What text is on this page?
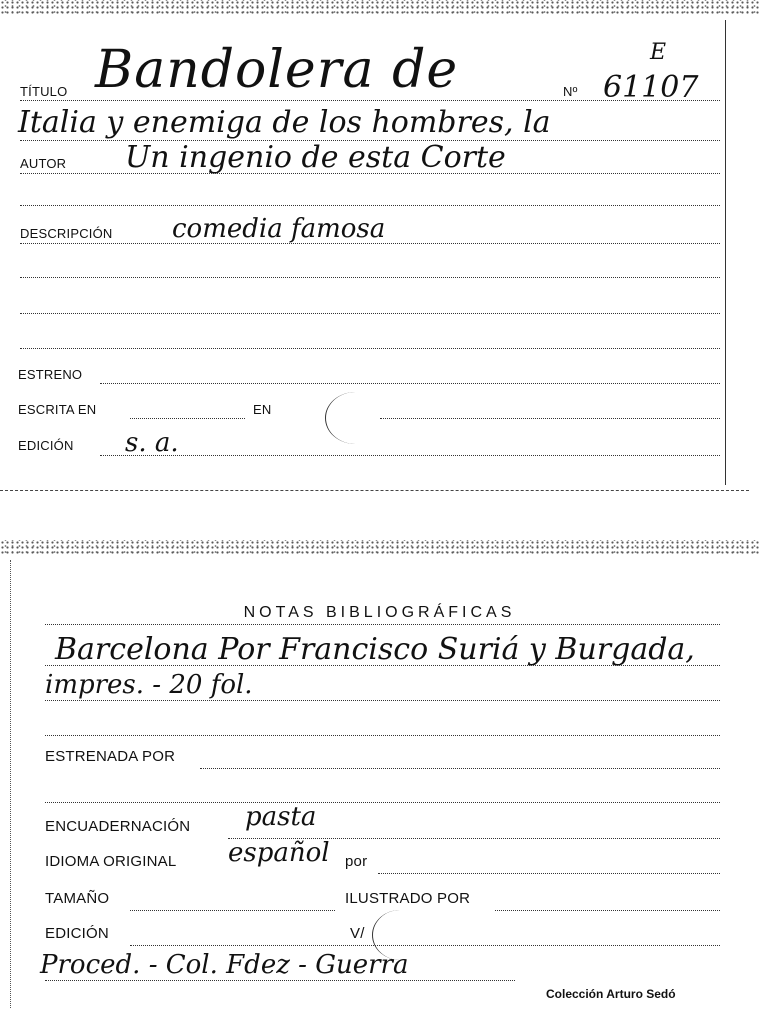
E
TÍTULO Bandolera de	Nº 61107
Italia y enemiga de los hombres, la
AUTOR Un ingenio de esta Corte
DESCRIPCIÓN comedia famosa
ESTRENO
ESCRITA EN	EN
EDICIÓN s. a.
NOTAS BIBLIOGRÁFICAS
Barcelona Por Francisco Suriá y Burgada,
impres. - 20 fol.
ESTRENADA POR
ENCUADERNACIÓN pasta
IDIOMA ORIGINAL español por
TAMAÑO	ILUSTRADO POR
EDICIÓN	V/
Proced. - Col. Fdez - Guerra
Colección Arturo Sedó
